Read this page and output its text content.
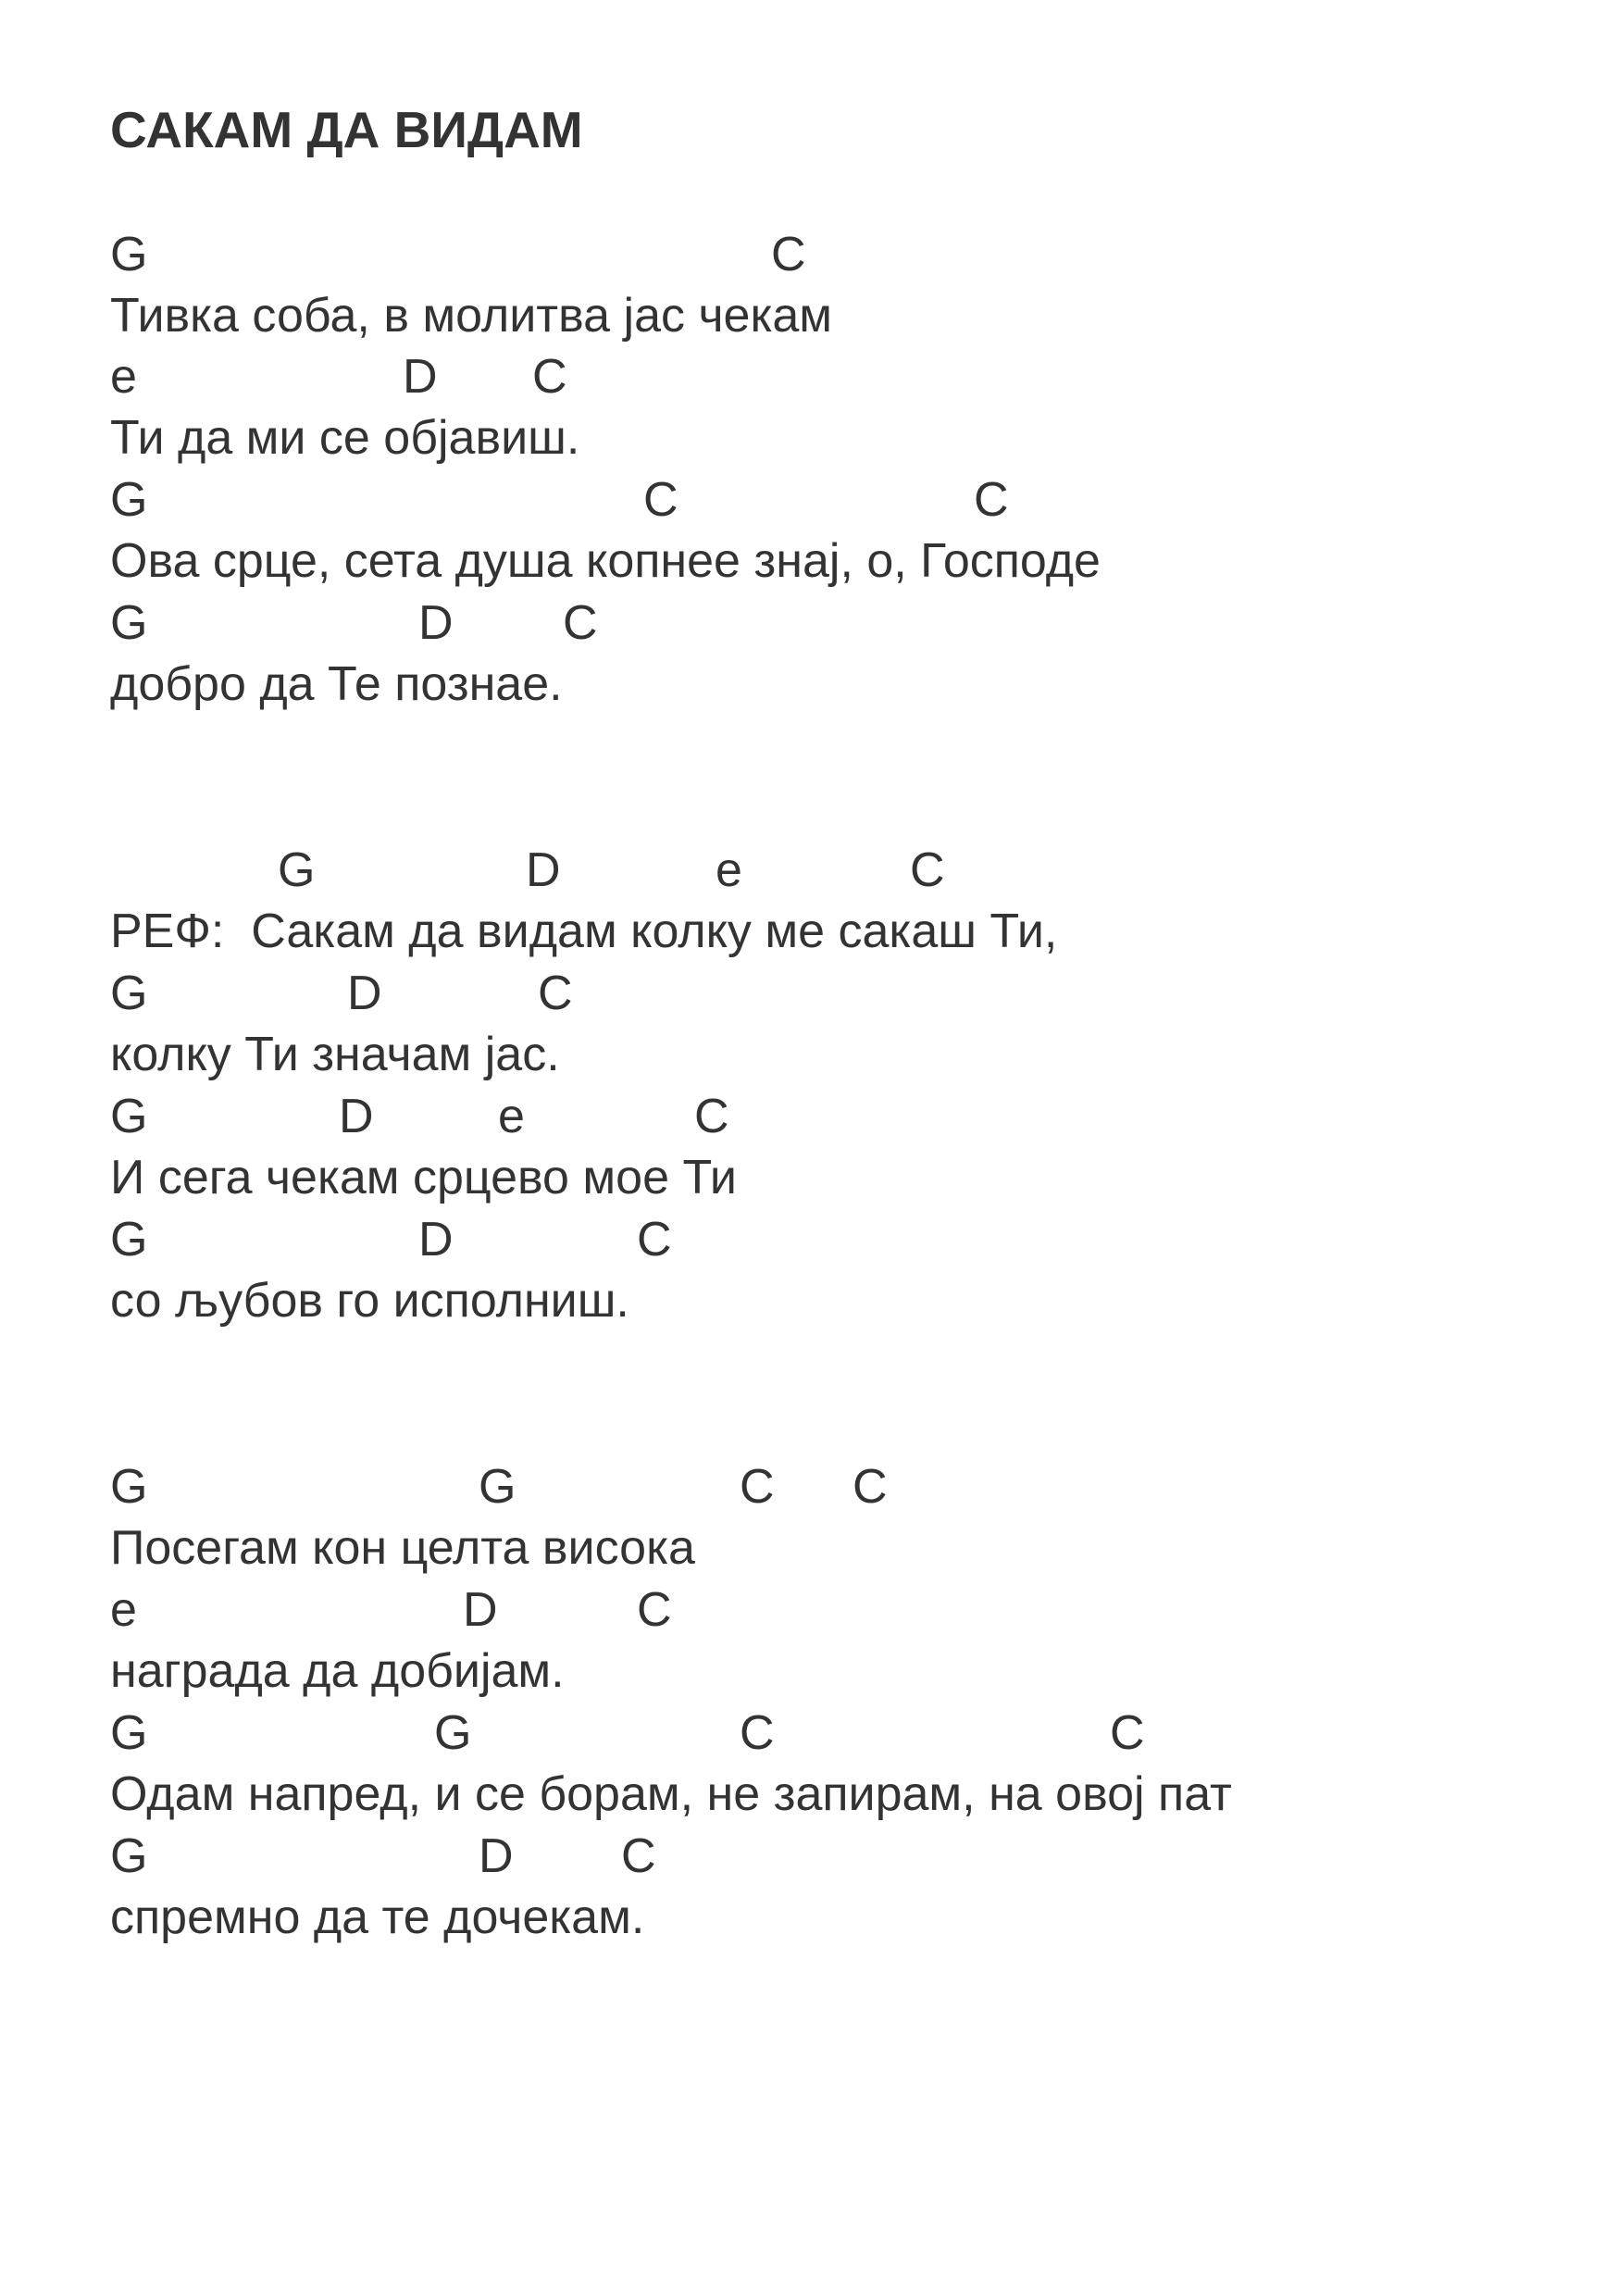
САКАМ ДА ВИДАМ
G	C
Тивка соба, в молитва јас чекам
e	D C
Ти да ми се објавиш.
G	C	C
Ова срце, сета душа копнее знај, о, Господе
G	D C
добро да Те познае.
G	D	e	C
РЕФ:  Сакам да видам колку ме сакаш Ти,
G	D	C
колку Ти значам јас.
G	D	e	C
И сега чекам срцево мое Ти
G	D	C
со љубов го исполниш.
G	G	C C
Посегам кон целта висока
e	D	C
награда да добијам.
G	G	C	C
Одам напред, и се борам, не запирам, на овој пат
G	D C
спремно да те дочекам.
